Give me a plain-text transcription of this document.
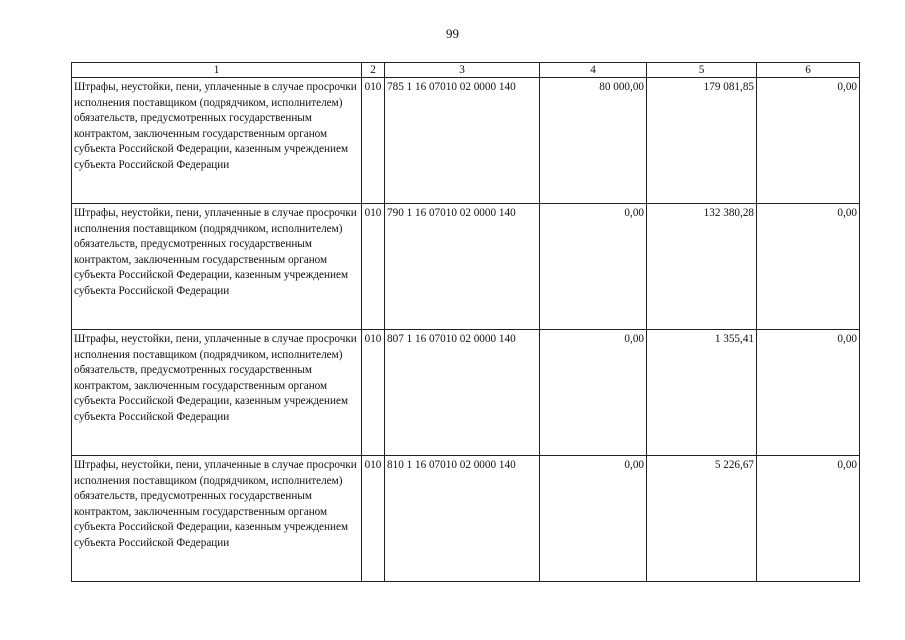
99
1	2	3	4	5	6
Штрафы, неустойки, пени, уплаченные в случае просрочки исполнения поставщиком (подрядчиком, исполнителем) обязательств, предусмотренных государственным контрактом, заключенным государственным органом субъекта Российской Федерации, казенным учреждением субъекта Российской Федерации	010	785 1 16 07010 02 0000 140	80 000,00	179 081,85	0,00
Штрафы, неустойки, пени, уплаченные в случае просрочки исполнения поставщиком (подрядчиком, исполнителем) обязательств, предусмотренных государственным контрактом, заключенным государственным органом субъекта Российской Федерации, казенным учреждением субъекта Российской Федерации	010	790 1 16 07010 02 0000 140	0,00	132 380,28	0,00
Штрафы, неустойки, пени, уплаченные в случае просрочки исполнения поставщиком (подрядчиком, исполнителем) обязательств, предусмотренных государственным контрактом, заключенным государственным органом субъекта Российской Федерации, казенным учреждением субъекта Российской Федерации	010	807 1 16 07010 02 0000 140	0,00	1 355,41	0,00
Штрафы, неустойки, пени, уплаченные в случае просрочки исполнения поставщиком (подрядчиком, исполнителем) обязательств, предусмотренных государственным контрактом, заключенным государственным органом субъекта Российской Федерации, казенным учреждением субъекта Российской Федерации	010	810 1 16 07010 02 0000 140	0,00	5 226,67	0,00
